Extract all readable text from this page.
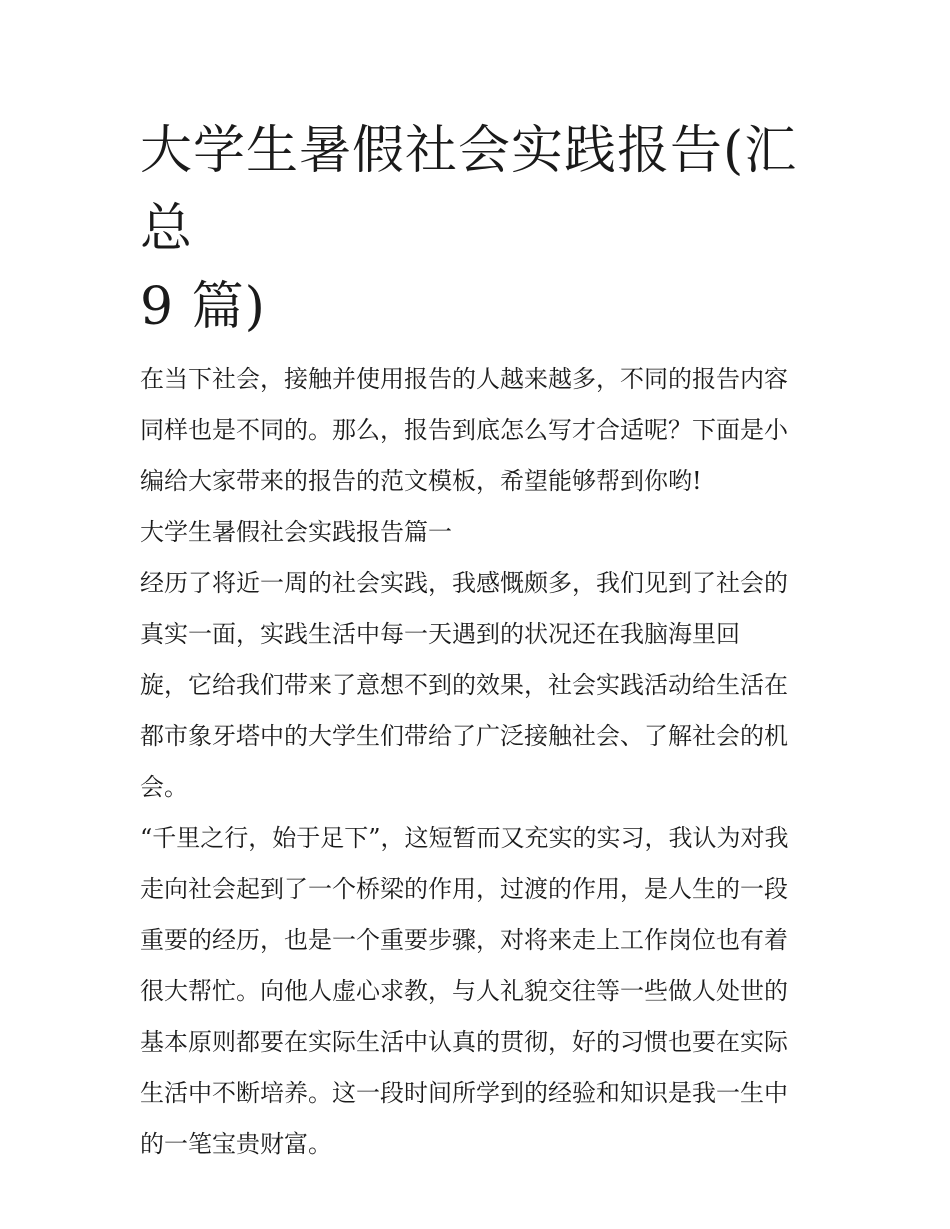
大学生暑假社会实践报告(汇总
9 篇)

在当下社会，接触并使用报告的人越来越多，不同的报告内容

同样也是不同的。那么，报告到底怎么写才合适呢？下面是小

编给大家带来的报告的范文模板，希望能够帮到你哟!

大学生暑假社会实践报告篇一

经历了将近一周的社会实践，我感慨颇多，我们见到了社会的

真实一面，实践生活中每一天遇到的状况还在我脑海里回

旋，它给我们带来了意想不到的效果，社会实践活动给生活在

都市象牙塔中的大学生们带给了广泛接触社会、了解社会的机

会。

“千里之行，始于足下”，这短暂而又充实的实习，我认为对我

走向社会起到了一个桥梁的作用，过渡的作用，是人生的一段

重要的经历，也是一个重要步骤，对将来走上工作岗位也有着

很大帮忙。向他人虚心求教，与人礼貌交往等一些做人处世的

基本原则都要在实际生活中认真的贯彻，好的习惯也要在实际

生活中不断培养。这一段时间所学到的经验和知识是我一生中

的一笔宝贵财富。
